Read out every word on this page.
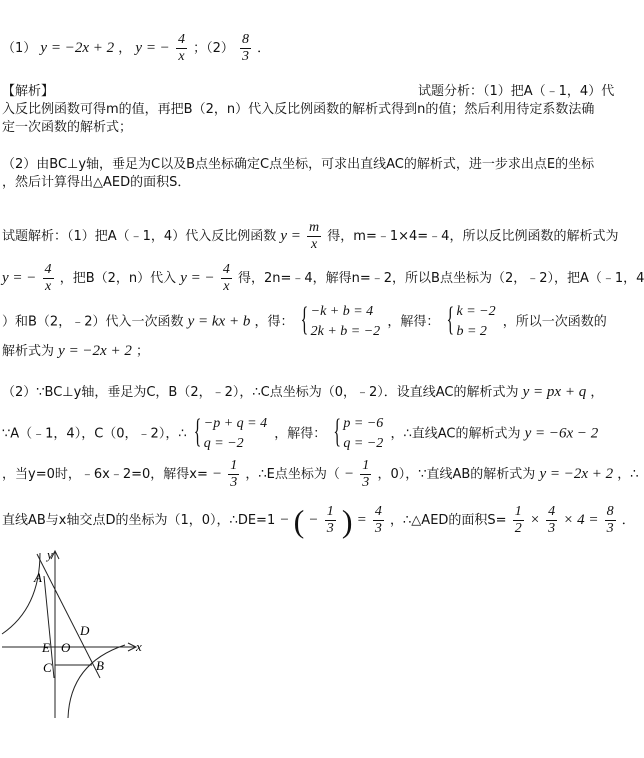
（1） y = −2x + 2 ， y = − $\frac{4}{x}$ ；$(2) \frac{8}{3}$ ．
【解析】	试题分析：（1）把A（﹣1，4）代
入反比例函数可得m的值，再把B（2，n）代入反比例函数的解析式得到n的值；然后利用待定系数法确
定一次函数的解析式；
（2）由BC⊥y轴，垂足为C以及B点坐标确定C点坐标，可求出直线AC的解析式，进一步求出点E的坐标
，然后计算得出△AED的面积S．
试题解析：（1）把A（﹣1，4）代入反比例函数 $y = \frac{m}{x}$ 得，m=﹣1×4=﹣4，所以反比例函数的解析式为
y = − $\frac{4}{x}$ ，把B（2，n）代入 y = − $\frac{4}{x}$ 得，2n=﹣4，解得n=﹣2，所以B点坐标为（2，﹣2），把A（﹣1，4
）和B（2，﹣2）代入一次函数 y = kx + b ，得：
{ −k + b = 4
2k + b = −2
，解得：
{ k = −2
b = 2
，所以一次函数的
解析式为 y = −2x + 2 ；
（2）∵BC⊥y轴，垂足为C，B（2，﹣2），∴C点坐标为（0，﹣2）．设直线AC的解析式为 y = px + q ，
∵A（﹣1，4），C（0，﹣2），∴
{ −p + q = 4
q = −2
，解得：
{ p = −6
q = −2
，∴直线AC的解析式为 y = −6x − 2
，当y=0时，﹣6x﹣2=0，解得$x= - \frac{1}{3}$ ，∴E点坐标为（ − $\frac{1}{3}$ ，0），∵直线AB的解析式为 y = −2x + 2 ，∴
直线AB与x轴交点D的坐标为（1，0），∴DE=1 − ( − $\frac{1}{3}$ ) = $\frac{4}{3}$ ，∴△AED的面积$S= \frac{1}{2} \times \frac{4}{3} \times 4 = \frac{8}{3}$ ．
y
x
A
D
E O
C	B
